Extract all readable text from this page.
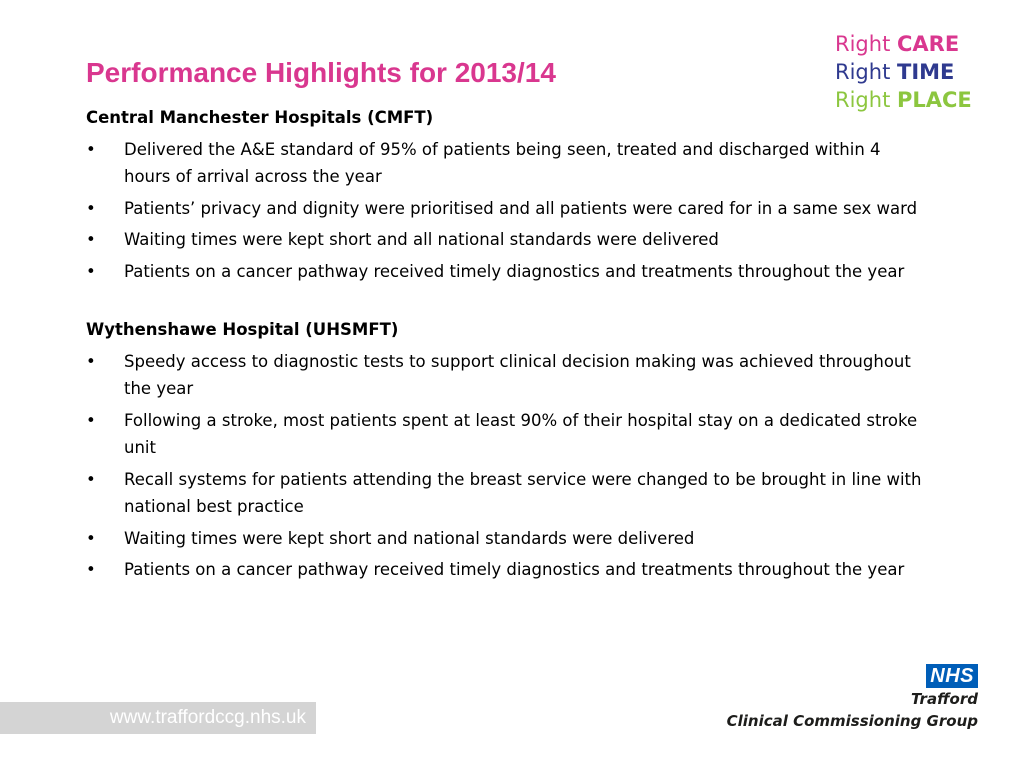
Performance Highlights for 2013/14
Right CARE
Right TIME
Right PLACE

Central Manchester Hospitals (CMFT)

• Delivered the A&E standard of 95% of patients being seen, treated and discharged within 4 hours of arrival across the year
• Patients’ privacy and dignity were prioritised and all patients were cared for in a same sex ward
• Waiting times were kept short and all national standards were delivered
• Patients on a cancer pathway received timely diagnostics and treatments throughout the year

Wythenshawe Hospital (UHSMFT)

• Speedy access to diagnostic tests to support clinical decision making was achieved throughout the year
• Following a stroke, most patients spent at least 90% of their hospital stay on a dedicated stroke unit
• Recall systems for patients attending the breast service were changed to be brought in line with national best practice
• Waiting times were kept short and national standards were delivered
• Patients on a cancer pathway received timely diagnostics and treatments throughout the year
www.traffordccg.nhs.uk
NHS
Trafford
Clinical Commissioning Group
